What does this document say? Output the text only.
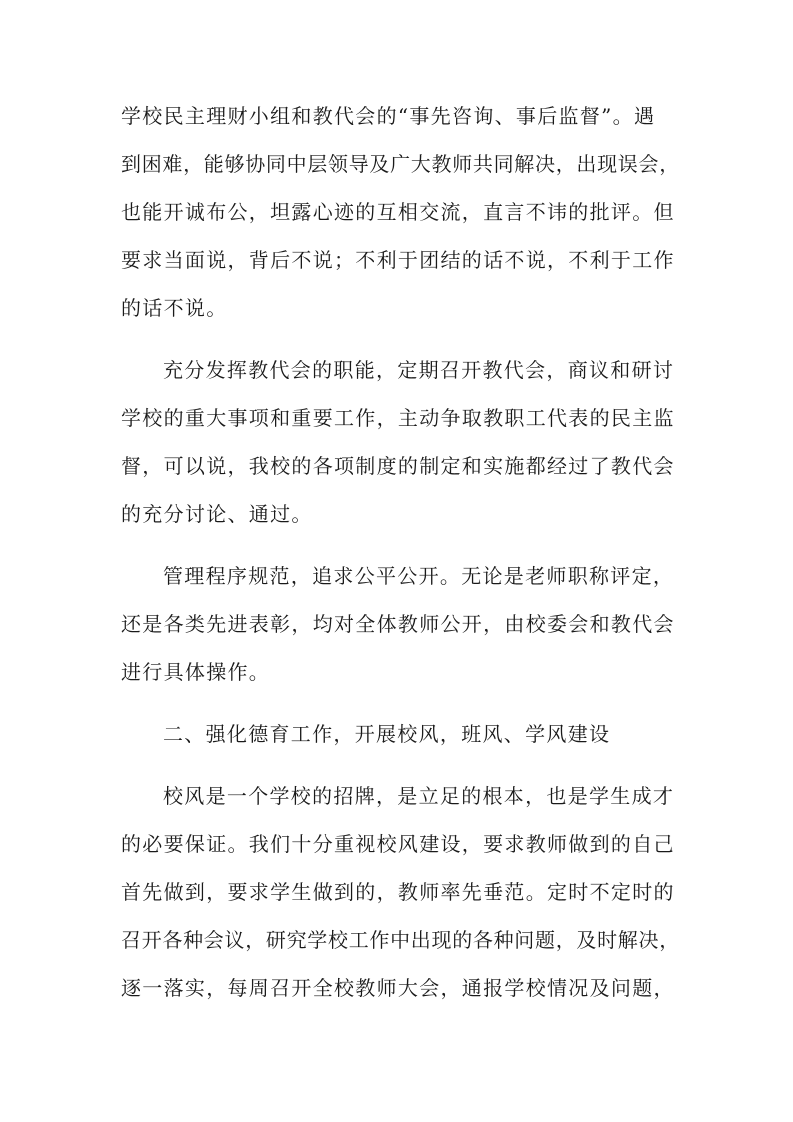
学校民主理财小组和教代会的“事先咨询、事后监督”。遇
到困难，能够协同中层领导及广大教师共同解决，出现误会，
也能开诚布公，坦露心迹的互相交流，直言不讳的批评。但
要求当面说，背后不说；不利于团结的话不说，不利于工作
的话不说。
充分发挥教代会的职能，定期召开教代会，商议和研讨
学校的重大事项和重要工作，主动争取教职工代表的民主监
督，可以说，我校的各项制度的制定和实施都经过了教代会
的充分讨论、通过。
管理程序规范，追求公平公开。无论是老师职称评定，
还是各类先进表彰，均对全体教师公开，由校委会和教代会
进行具体操作。
二、强化德育工作，开展校风，班风、学风建设
校风是一个学校的招牌，是立足的根本，也是学生成才
的必要保证。我们十分重视校风建设，要求教师做到的自己
首先做到，要求学生做到的，教师率先垂范。定时不定时的
召开各种会议，研究学校工作中出现的各种问题，及时解决，
逐一落实，每周召开全校教师大会，通报学校情况及问题，
